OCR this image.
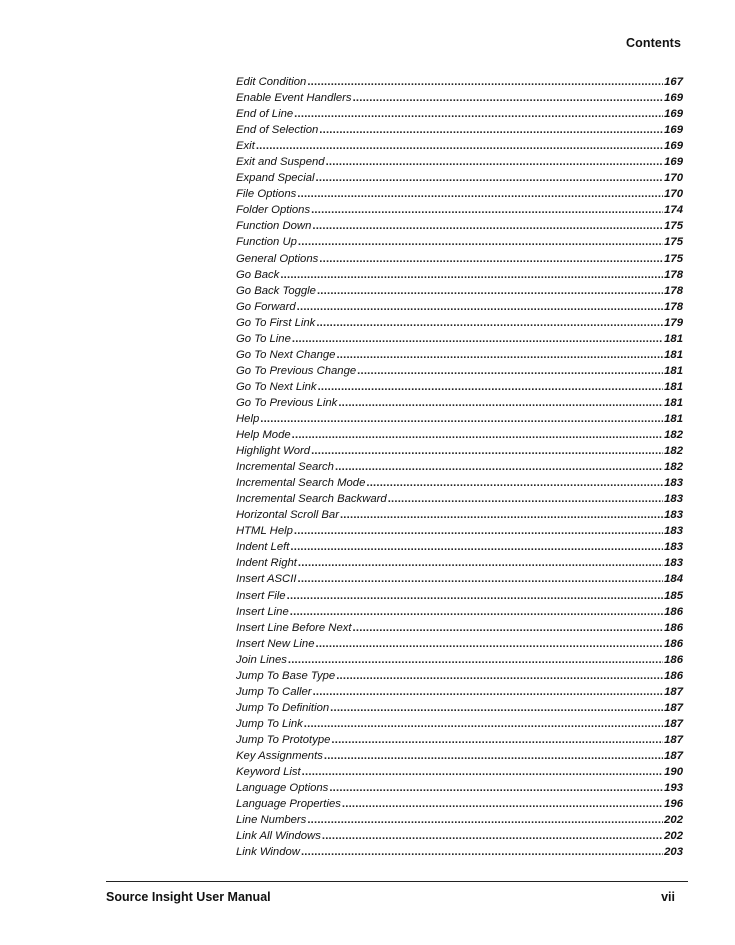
Contents
Edit Condition .....	167
Enable Event Handlers .....	169
End of Line .....	169
End of Selection .....	169
Exit .....	169
Exit and Suspend .....	169
Expand Special .....	170
File Options .....	170
Folder Options .....	174
Function Down .....	175
Function Up .....	175
General Options .....	175
Go Back .....	178
Go Back Toggle .....	178
Go Forward .....	178
Go To First Link .....	179
Go To Line .....	181
Go To Next Change .....	181
Go To Previous Change .....	181
Go To Next Link .....	181
Go To Previous Link .....	181
Help .....	181
Help Mode .....	182
Highlight Word .....	182
Incremental Search .....	182
Incremental Search Mode .....	183
Incremental Search Backward .....	183
Horizontal Scroll Bar .....	183
HTML Help .....	183
Indent Left .....	183
Indent Right .....	183
Insert ASCII .....	184
Insert File .....	185
Insert Line .....	186
Insert Line Before Next .....	186
Insert New Line .....	186
Join Lines .....	186
Jump To Base Type .....	186
Jump To Caller .....	187
Jump To Definition .....	187
Jump To Link .....	187
Jump To Prototype .....	187
Key Assignments .....	187
Keyword List .....	190
Language Options .....	193
Language Properties .....	196
Line Numbers .....	202
Link All Windows .....	202
Link Window .....	203
Source Insight User Manual	vii
